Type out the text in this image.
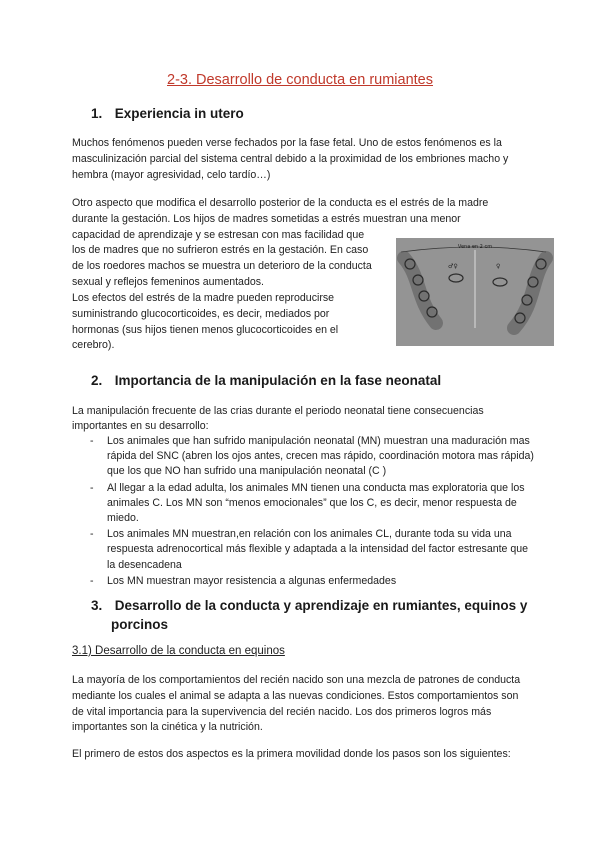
2-3. Desarrollo de conducta en rumiantes
1. Experiencia in utero
Muchos fenómenos pueden verse fechados por la fase fetal. Uno de estos fenómenos es la masculinización parcial del sistema central debido a la proximidad de los embriones macho y hembra (mayor agresividad, celo tardío…)
Otro aspecto que modifica el desarrollo posterior de la conducta es el estrés de la madre
durante la gestación. Los hijos de madres sometidas a estrés muestran una menor
capacidad de aprendizaje y se estresan con mas facilidad que
los de madres que no sufrieron estrés en la gestación. En caso
de los roedores machos se muestra un deterioro de la conducta
sexual y reflejos femeninos aumentados.
Los efectos del estrés de la madre pueden reproducirse suministrando glucocorticoides, es decir, mediados por hormonas (sus hijos tienen menos glucocorticoides en el cerebro).
Vena en 2 cm
♂♀	♀
2. Importancia de la manipulación en la fase neonatal
La manipulación frecuente de las crias durante el periodo neonatal tiene consecuencias importantes en su desarrollo:
- Los animales que han sufrido manipulación neonatal (MN) muestran una maduración mas rápida del SNC (abren los ojos antes, crecen mas rápido, coordinación motora mas rápida) que los que NO han sufrido una manipulación neonatal (C )
- Al llegar a la edad adulta, los animales MN tienen una conducta mas exploratoria que los animales C. Los MN son “menos emocionales” que los C, es decir, menor respuesta de miedo.
- Los animales MN muestran,en relación con los animales CL, durante toda su vida una respuesta adrenocortical más flexible y adaptada a la intensidad del factor estresante que la desencadena
- Los MN muestran mayor resistencia a algunas enfermedades
3. Desarrollo de la conducta y aprendizaje en rumiantes, equinos y
porcinos
3.1) Desarrollo de la conducta en equinos
La mayoría de los comportamientos del recién nacido son una mezcla de patrones de conducta mediante los cuales el animal se adapta a las nuevas condiciones. Estos comportamientos son de vital importancia para la supervivencia del recién nacido. Los dos primeros logros más importantes son la cinética y la nutrición.
El primero de estos dos aspectos es la primera movilidad donde los pasos son los siguientes:
